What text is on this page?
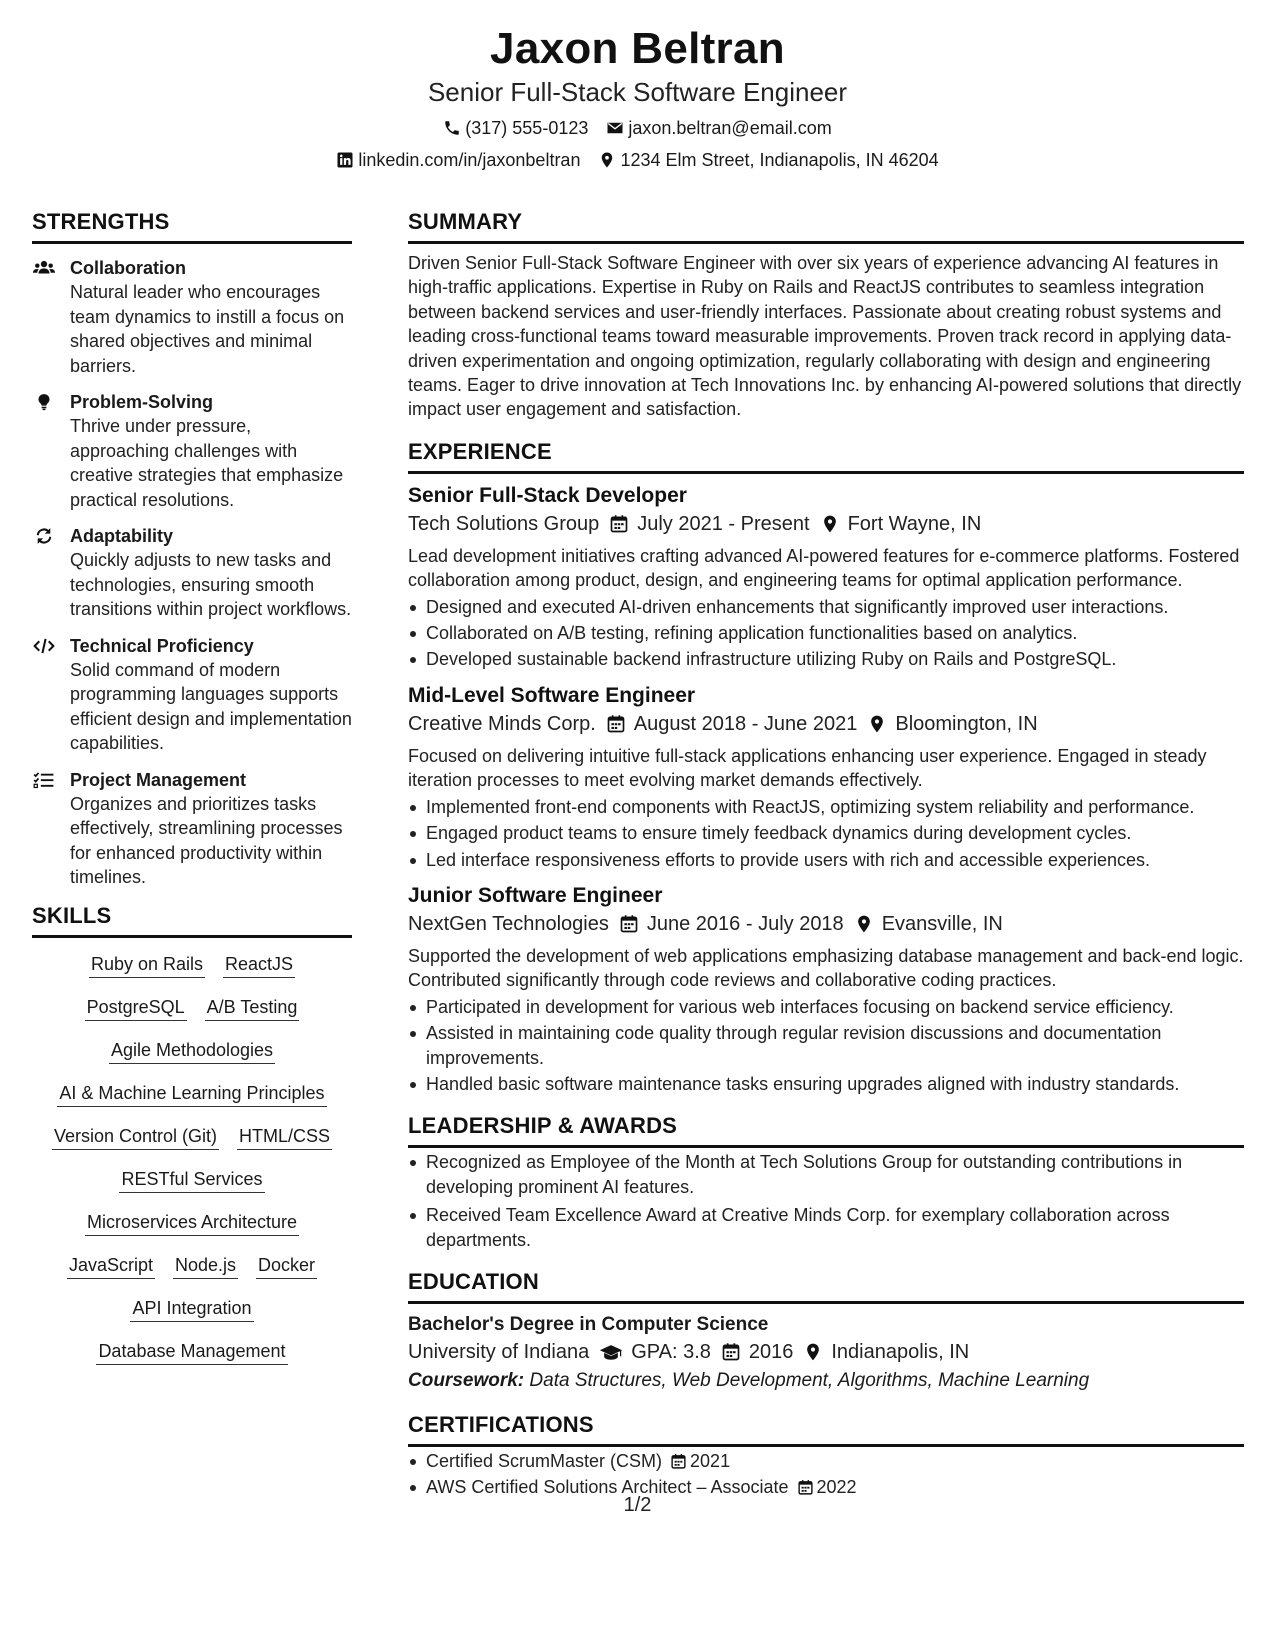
Jaxon Beltran
Senior Full-Stack Software Engineer
(317) 555-0123 jaxon.beltran@email.com
linkedin.com/in/jaxonbeltran 1234 Elm Street, Indianapolis, IN 46204
STRENGTHS
Collaboration
Natural leader who encourages team dynamics to instill a focus on shared objectives and minimal barriers.
Problem-Solving
Thrive under pressure, approaching challenges with creative strategies that emphasize practical resolutions.
Adaptability
Quickly adjusts to new tasks and technologies, ensuring smooth transitions within project workflows.
Technical Proficiency
Solid command of modern programming languages supports efficient design and implementation capabilities.
Project Management
Organizes and prioritizes tasks effectively, streamlining processes for enhanced productivity within timelines.
SKILLS
Ruby on Rails ReactJS
PostgreSQL A/B Testing
Agile Methodologies
AI & Machine Learning Principles
Version Control (Git) HTML/CSS
RESTful Services
Microservices Architecture
JavaScript Node.js Docker
API Integration
Database Management
SUMMARY
Driven Senior Full-Stack Software Engineer with over six years of experience advancing AI features in high-traffic applications. Expertise in Ruby on Rails and ReactJS contributes to seamless integration between backend services and user-friendly interfaces. Passionate about creating robust systems and leading cross-functional teams toward measurable improvements. Proven track record in applying data-driven experimentation and ongoing optimization, regularly collaborating with design and engineering teams. Eager to drive innovation at Tech Innovations Inc. by enhancing AI-powered solutions that directly impact user engagement and satisfaction.
EXPERIENCE
Senior Full-Stack Developer
Tech Solutions Group July 2021 - Present Fort Wayne, IN
Lead development initiatives crafting advanced AI-powered features for e-commerce platforms. Fostered collaboration among product, design, and engineering teams for optimal application performance.
Designed and executed AI-driven enhancements that significantly improved user interactions.
Collaborated on A/B testing, refining application functionalities based on analytics.
Developed sustainable backend infrastructure utilizing Ruby on Rails and PostgreSQL.
Mid-Level Software Engineer
Creative Minds Corp. August 2018 - June 2021 Bloomington, IN
Focused on delivering intuitive full-stack applications enhancing user experience. Engaged in steady iteration processes to meet evolving market demands effectively.
Implemented front-end components with ReactJS, optimizing system reliability and performance.
Engaged product teams to ensure timely feedback dynamics during development cycles.
Led interface responsiveness efforts to provide users with rich and accessible experiences.
Junior Software Engineer
NextGen Technologies June 2016 - July 2018 Evansville, IN
Supported the development of web applications emphasizing database management and back-end logic. Contributed significantly through code reviews and collaborative coding practices.
Participated in development for various web interfaces focusing on backend service efficiency.
Assisted in maintaining code quality through regular revision discussions and documentation improvements.
Handled basic software maintenance tasks ensuring upgrades aligned with industry standards.
LEADERSHIP & AWARDS
Recognized as Employee of the Month at Tech Solutions Group for outstanding contributions in developing prominent AI features.
Received Team Excellence Award at Creative Minds Corp. for exemplary collaboration across departments.
EDUCATION
Bachelor's Degree in Computer Science
University of Indiana GPA: 3.8 2016 Indianapolis, IN
Coursework: Data Structures, Web Development, Algorithms, Machine Learning
CERTIFICATIONS
Certified ScrumMaster (CSM) 2021
AWS Certified Solutions Architect – Associate 2022
1/2
